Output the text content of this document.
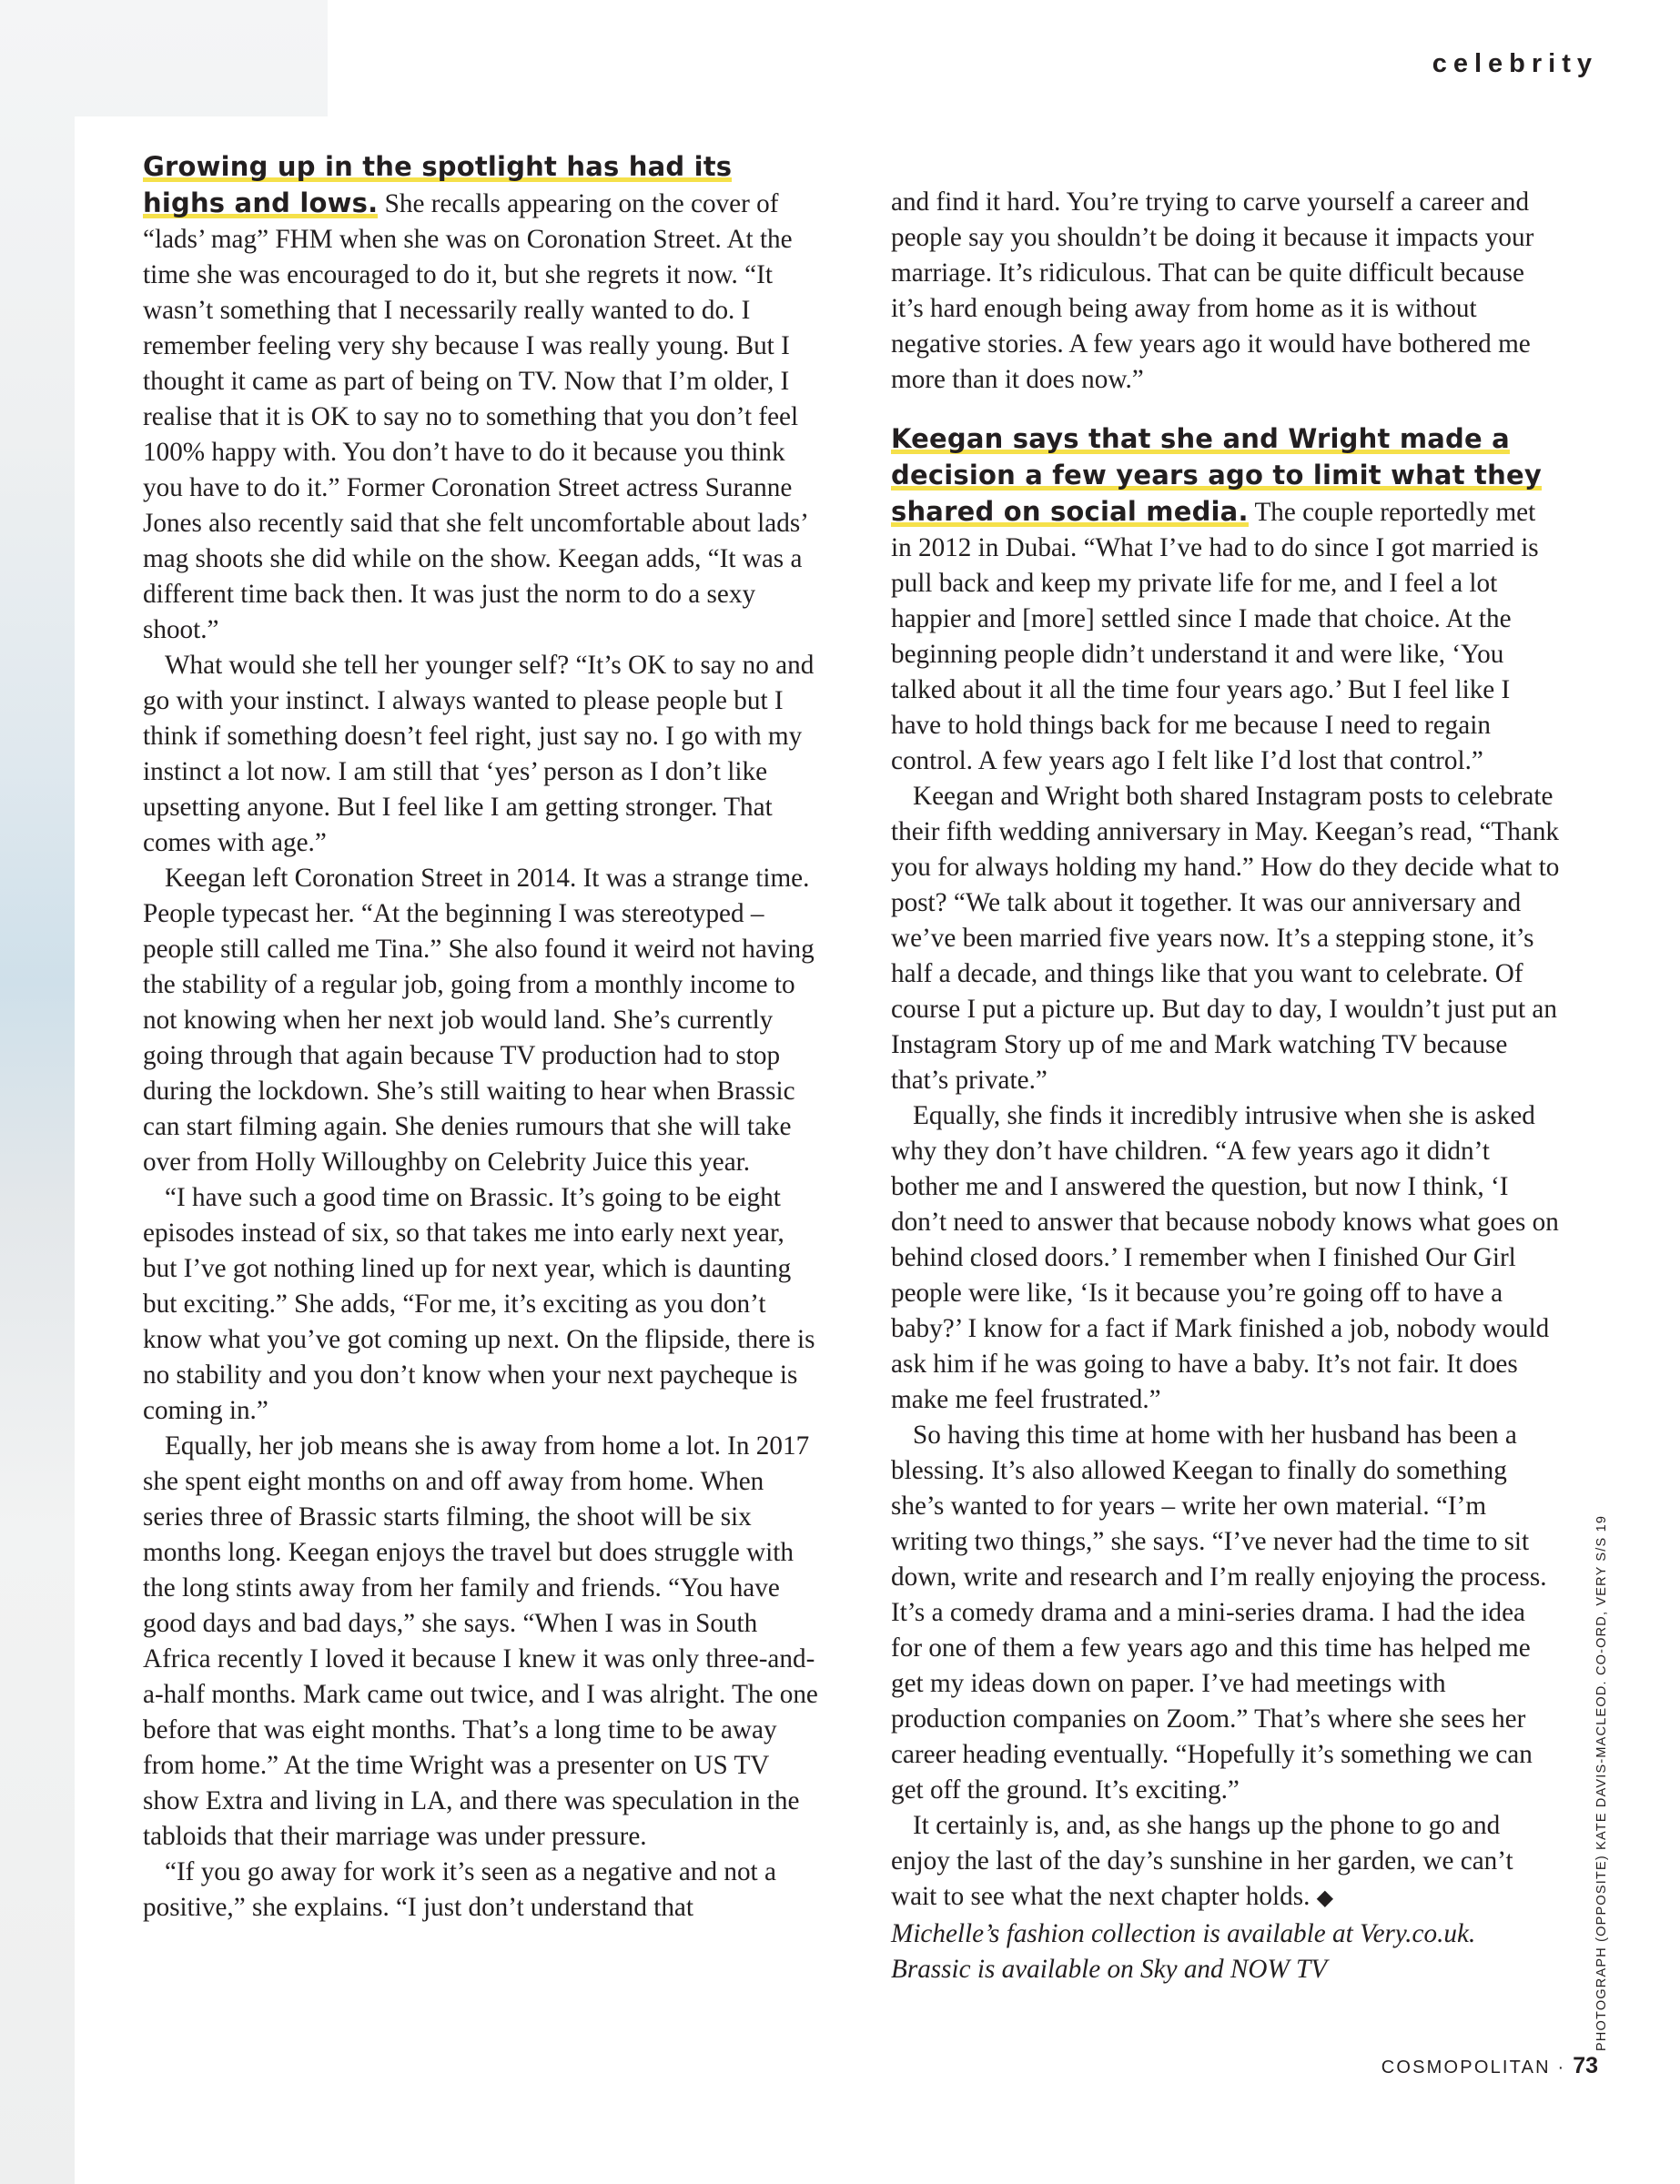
celebrity

Growing up in the spotlight has had its highs and lows. She recalls appearing on the cover of “lads’ mag” FHM when she was on Coronation Street. At the time she was encouraged to do it, but she regrets it now. “It wasn’t something that I necessarily really wanted to do. I remember feeling very shy because I was really young. But I thought it came as part of being on TV. Now that I’m older, I realise that it is OK to say no to something that you don’t feel 100% happy with. You don’t have to do it because you think you have to do it.” Former Coronation Street actress Suranne Jones also recently said that she felt uncomfortable about lads’ mag shoots she did while on the show. Keegan adds, “It was a different time back then. It was just the norm to do a sexy shoot.”

What would she tell her younger self? “It’s OK to say no and go with your instinct. I always wanted to please people but I think if something doesn’t feel right, just say no. I go with my instinct a lot now. I am still that ‘yes’ person as I don’t like upsetting anyone. But I feel like I am getting stronger. That comes with age.”

Keegan left Coronation Street in 2014. It was a strange time. People typecast her. “At the beginning I was stereotyped – people still called me Tina.” She also found it weird not having the stability of a regular job, going from a monthly income to not knowing when her next job would land. She’s currently going through that again because TV production had to stop during the lockdown. She’s still waiting to hear when Brassic can start filming again. She denies rumours that she will take over from Holly Willoughby on Celebrity Juice this year.

“I have such a good time on Brassic. It’s going to be eight episodes instead of six, so that takes me into early next year, but I’ve got nothing lined up for next year, which is daunting but exciting.” She adds, “For me, it’s exciting as you don’t know what you’ve got coming up next. On the flipside, there is no stability and you don’t know when your next paycheque is coming in.”

Equally, her job means she is away from home a lot. In 2017 she spent eight months on and off away from home. When series three of Brassic starts filming, the shoot will be six months long. Keegan enjoys the travel but does struggle with the long stints away from her family and friends. “You have good days and bad days,” she says. “When I was in South Africa recently I loved it because I knew it was only three-and-a-half months. Mark came out twice, and I was alright. The one before that was eight months. That’s a long time to be away from home.” At the time Wright was a presenter on US TV show Extra and living in LA, and there was speculation in the tabloids that their marriage was under pressure.

“If you go away for work it’s seen as a negative and not a positive,” she explains. “I just don’t understand that

and find it hard. You’re trying to carve yourself a career and people say you shouldn’t be doing it because it impacts your marriage. It’s ridiculous. That can be quite difficult because it’s hard enough being away from home as it is without negative stories. A few years ago it would have bothered me more than it does now.”

Keegan says that she and Wright made a decision a few years ago to limit what they shared on social media. The couple reportedly met in 2012 in Dubai. “What I’ve had to do since I got married is pull back and keep my private life for me, and I feel a lot happier and [more] settled since I made that choice. At the beginning people didn’t understand it and were like, ‘You talked about it all the time four years ago.’ But I feel like I have to hold things back for me because I need to regain control. A few years ago I felt like I’d lost that control.”

Keegan and Wright both shared Instagram posts to celebrate their fifth wedding anniversary in May. Keegan’s read, “Thank you for always holding my hand.” How do they decide what to post? “We talk about it together. It was our anniversary and we’ve been married five years now. It’s a stepping stone, it’s half a decade, and things like that you want to celebrate. Of course I put a picture up. But day to day, I wouldn’t just put an Instagram Story up of me and Mark watching TV because that’s private.”

Equally, she finds it incredibly intrusive when she is asked why they don’t have children. “A few years ago it didn’t bother me and I answered the question, but now I think, ‘I don’t need to answer that because nobody knows what goes on behind closed doors.’ I remember when I finished Our Girl people were like, ‘Is it because you’re going off to have a baby?’ I know for a fact if Mark finished a job, nobody would ask him if he was going to have a baby. It’s not fair. It does make me feel frustrated.”

So having this time at home with her husband has been a blessing. It’s also allowed Keegan to finally do something she’s wanted to for years – write her own material. “I’m writing two things,” she says. “I’ve never had the time to sit down, write and research and I’m really enjoying the process. It’s a comedy drama and a mini-series drama. I had the idea for one of them a few years ago and this time has helped me get my ideas down on paper. I’ve had meetings with production companies on Zoom.” That’s where she sees her career heading eventually. “Hopefully it’s something we can get off the ground. It’s exciting.”

It certainly is, and, as she hangs up the phone to go and enjoy the last of the day’s sunshine in her garden, we can’t wait to see what the next chapter holds. ◆

Michelle’s fashion collection is available at Very.co.uk.

Brassic is available on Sky and NOW TV	PHOTOGRAPH (OPPOSITE) KATE DAVIS-MACLEOD. CO-ORD, VERY S/S 19
COSMOPOLITAN · 73
